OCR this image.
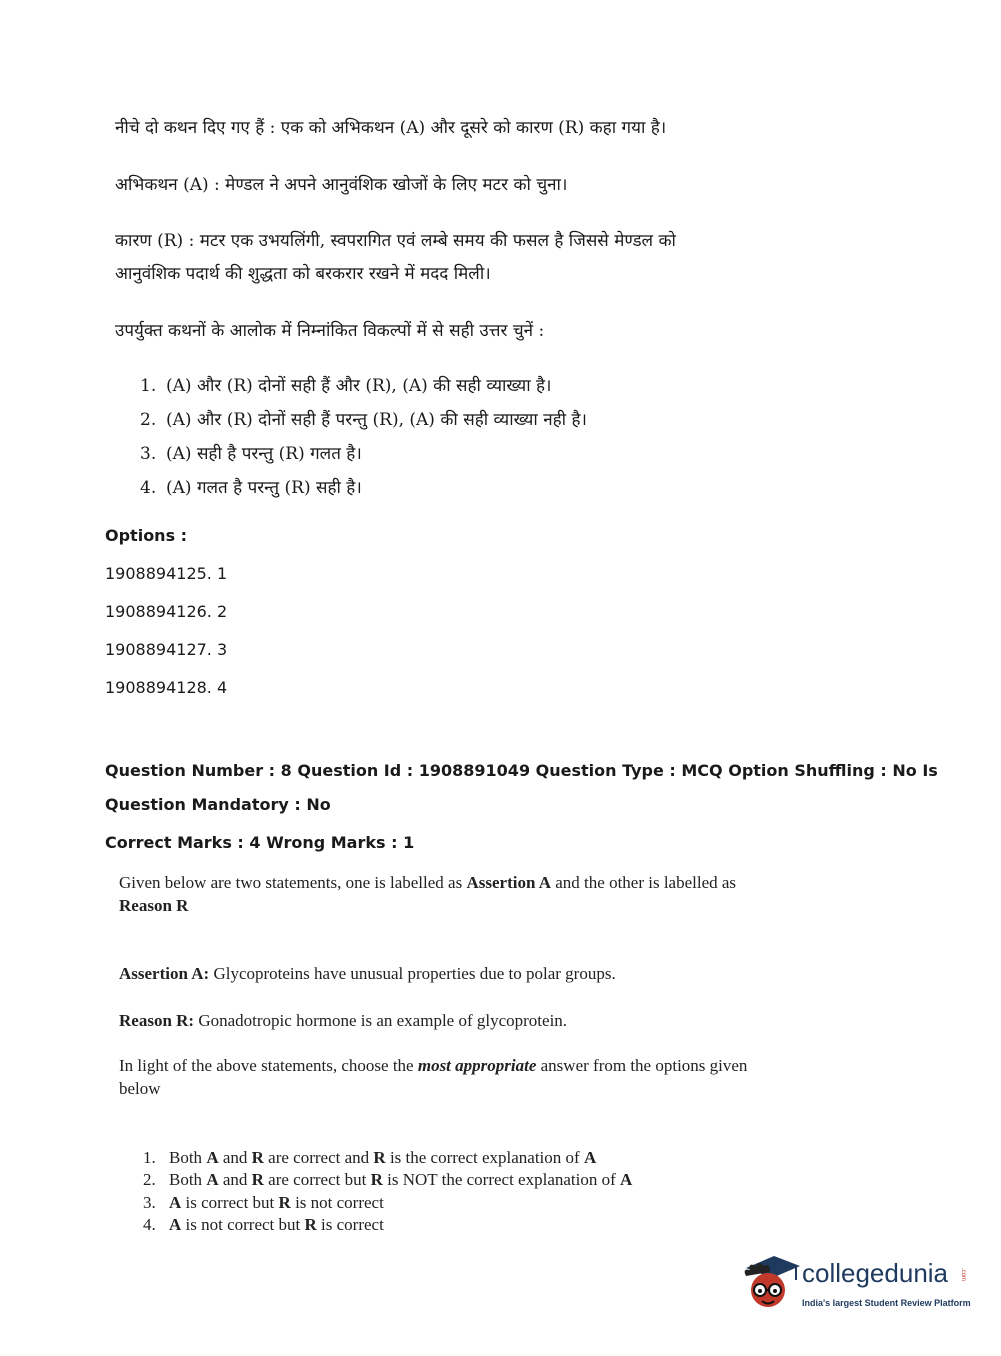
नीचे दो कथन दिए गए हैं : एक को अभिकथन (A) और दूसरे को कारण (R) कहा गया है।
अभिकथन (A) : मेण्डल ने अपने आनुवंशिक खोजों के लिए मटर को चुना।
कारण (R) : मटर एक उभयलिंगी, स्वपरागित एवं लम्बे समय की फसल है जिससे मेण्डल को
आनुवंशिक पदार्थ की शुद्धता को बरकरार रखने में मदद मिली।
उपर्युक्त कथनों के आलोक में निम्नांकित विकल्पों में से सही उत्तर चुनें :
1. (A) और (R) दोनों सही हैं और (R), (A) की सही व्याख्या है।
2. (A) और (R) दोनों सही हैं परन्तु (R), (A) की सही व्याख्या नही है।
3. (A) सही है परन्तु (R) गलत है।
4. (A) गलत है परन्तु (R) सही है।
Options :
1908894125. 1
1908894126. 2
1908894127. 3
1908894128. 4
Question Number : 8 Question Id : 1908891049 Question Type : MCQ Option Shuffling : No Is
Question Mandatory : No
Correct Marks : 4 Wrong Marks : 1
Given below are two statements, one is labelled as Assertion A and the other is labelled as
Reason R
Assertion A: Glycoproteins have unusual properties due to polar groups.
Reason R: Gonadotropic hormone is an example of glycoprotein.
In light of the above statements, choose the most appropriate answer from the options given
below
1. Both A and R are correct and R is the correct explanation of A
2. Both A and R are correct but R is NOT the correct explanation of A
3. A is correct but R is not correct
4. A is not correct but R is correct
collegedunia .com
India's largest Student Review Platform
